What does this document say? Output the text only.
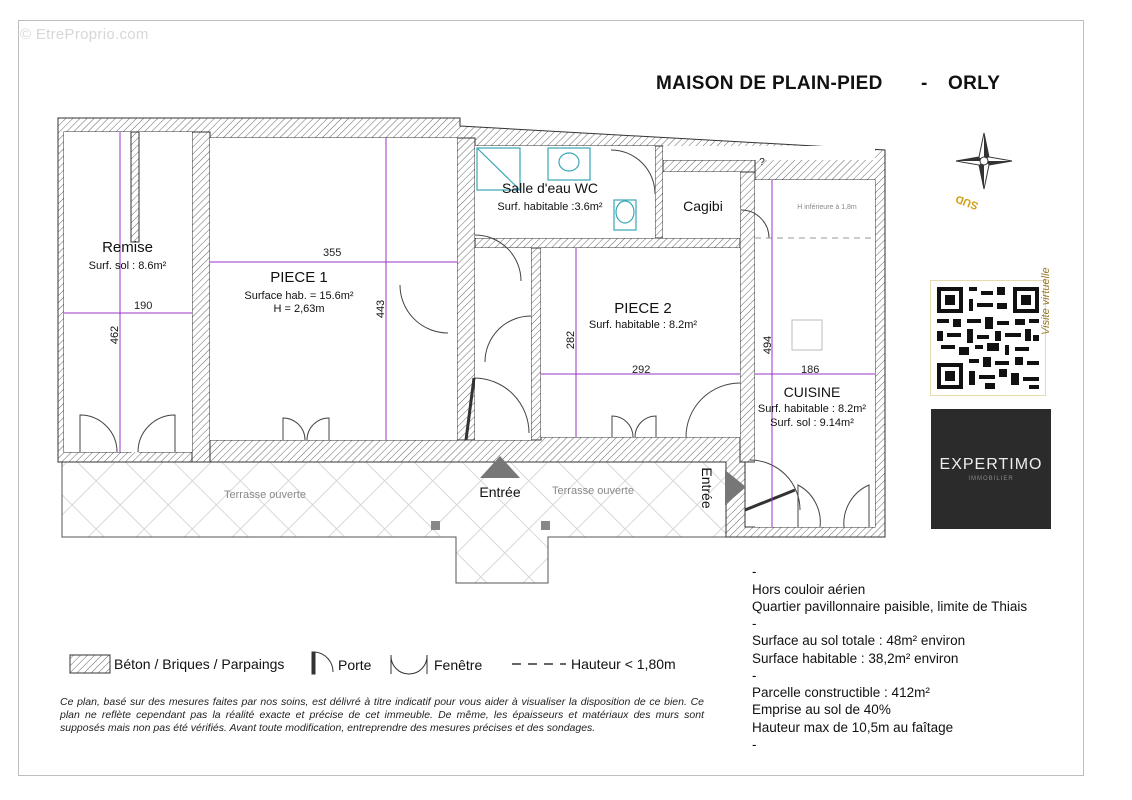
© EtreProprio.com
MAISON DE PLAIN-PIED - ORLY
Remise
Surf. sol : 8.6m²
PIECE 1
Surface hab. = 15.6m²
H = 2,63m
Salle d'eau WC
Surf. habitable :3.6m²	Cagibi
?
H inférieure à 1,8m
PIECE 2
Surf. habitable : 8.2m²
CUISINE
Surf. habitable : 8.2m²
Surf. sol : 9.14m²
190
462
355
443
292
282
186
494
Terrasse ouverte	Terrasse ouverte
Entrée	Entrée
SUD
Visite virtuelle
EXPERTIMO
IMMOBILIER
Béton / Briques / Parpaings	Porte	Fenêtre	Hauteur < 1,80m
-
Hors couloir aérien
Quartier pavillonnaire paisible, limite de Thiais
-
Surface au sol totale : 48m² environ
Surface habitable : 38,2m² environ
-
Parcelle constructible : 412m²
Emprise au sol de 40%
Hauteur max de 10,5m au faîtage
-
Ce plan, basé sur des mesures faites par nos soins, est délivré à titre indicatif pour vous aider à visualiser la disposition de ce bien. Ce plan ne reflète cependant pas la réalité exacte et précise de cet immeuble. De même, les épaisseurs et matériaux des murs sont supposés mais non pas été vérifiés. Avant toute modification, entreprendre des mesures précises et des sondages.
